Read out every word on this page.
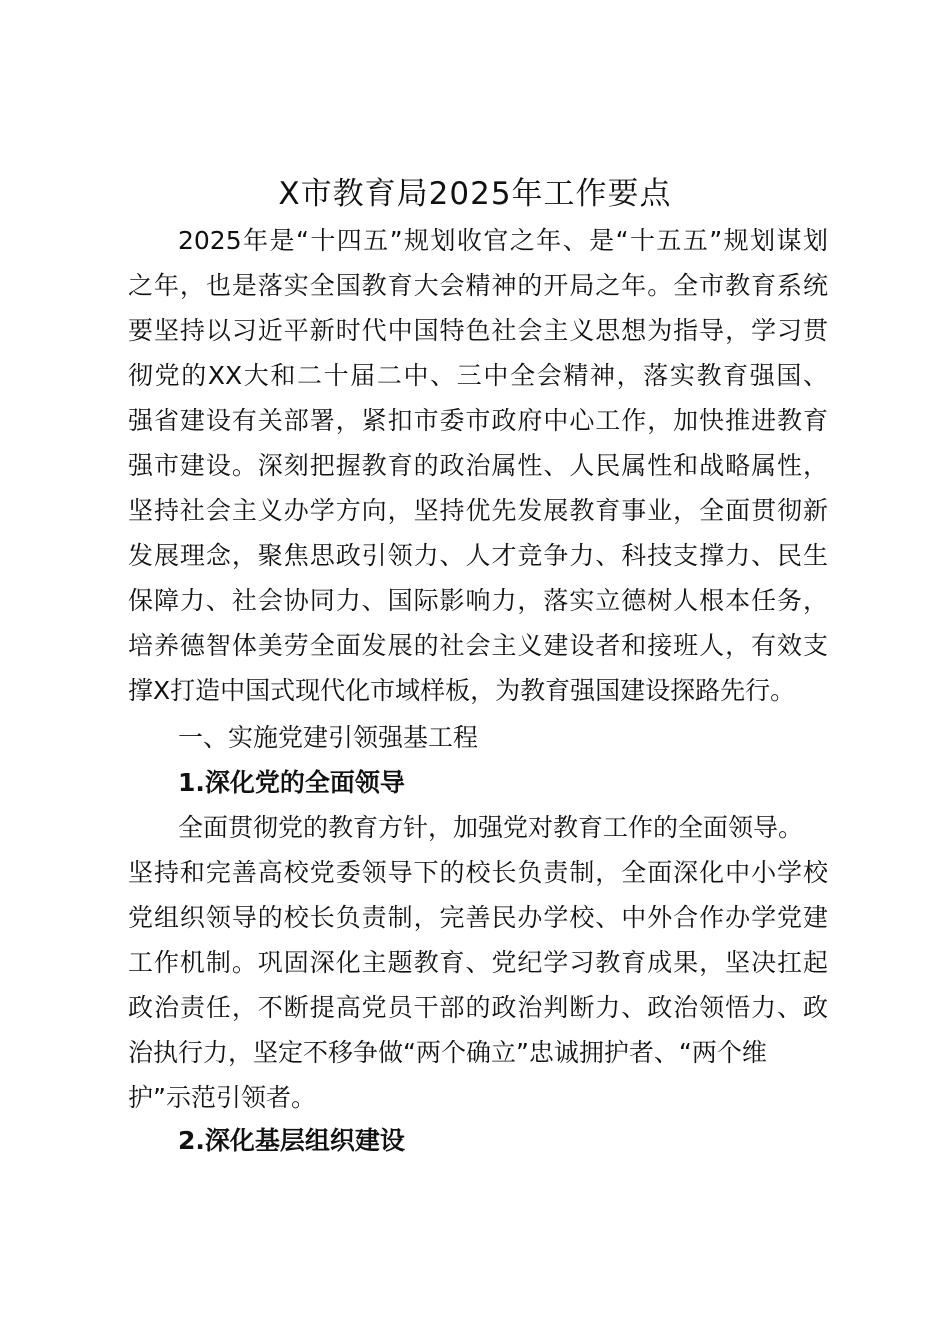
X市教育局2025年工作要点
2025年是“十四五”规划收官之年、是“十五五”规划谋划
之年，也是落实全国教育大会精神的开局之年。全市教育系统
要坚持以习近平新时代中国特色社会主义思想为指导，学习贯
彻党的XX大和二十届二中、三中全会精神，落实教育强国、
强省建设有关部署，紧扣市委市政府中心工作，加快推进教育
强市建设。深刻把握教育的政治属性、人民属性和战略属性，
坚持社会主义办学方向，坚持优先发展教育事业，全面贯彻新
发展理念，聚焦思政引领力、人才竞争力、科技支撑力、民生
保障力、社会协同力、国际影响力，落实立德树人根本任务，
培养德智体美劳全面发展的社会主义建设者和接班人，有效支
撑X打造中国式现代化市域样板，为教育强国建设探路先行。
一、实施党建引领强基工程
1.深化党的全面领导
全面贯彻党的教育方针，加强党对教育工作的全面领导。
坚持和完善高校党委领导下的校长负责制，全面深化中小学校
党组织领导的校长负责制，完善民办学校、中外合作办学党建
工作机制。巩固深化主题教育、党纪学习教育成果，坚决扛起
政治责任，不断提高党员干部的政治判断力、政治领悟力、政
治执行力，坚定不移争做“两个确立”忠诚拥护者、“两个维
护”示范引领者。
2.深化基层组织建设
